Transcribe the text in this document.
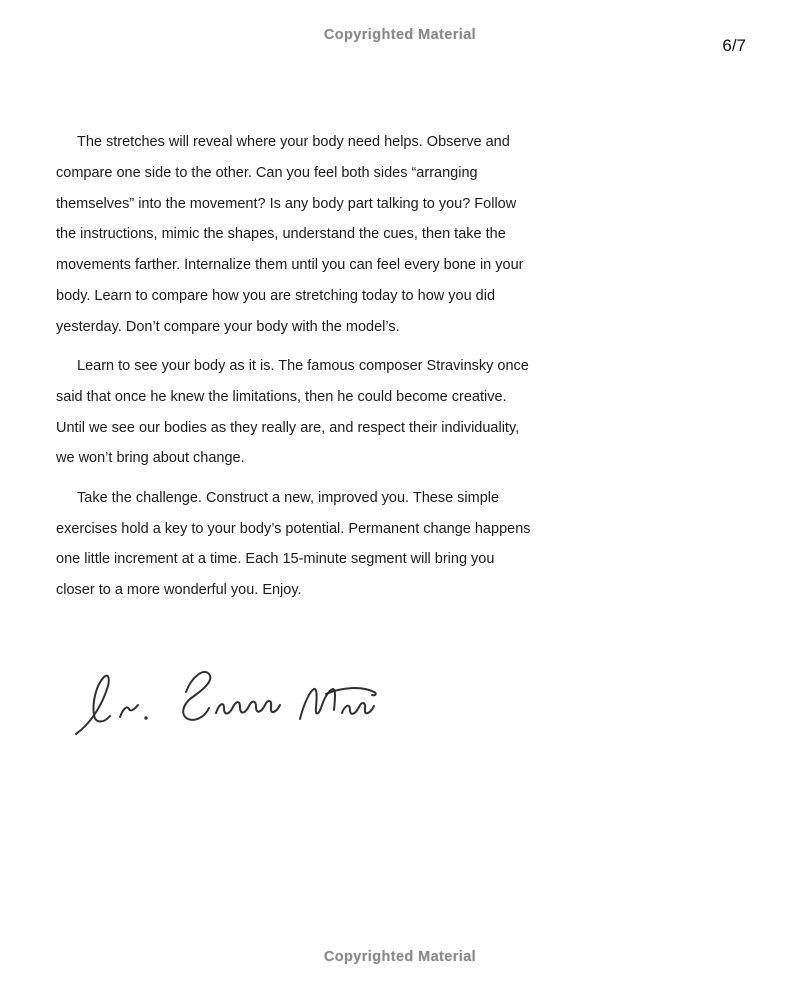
Copyrighted Material
6/7

The stretches will reveal where your body need helps. Observe and compare one side to the other. Can you feel both sides “arranging themselves” into the movement? Is any body part talking to you? Follow the instructions, mimic the shapes, understand the cues, then take the movements farther. Internalize them until you can feel every bone in your body. Learn to compare how you are stretching today to how you did yesterday. Don’t compare your body with the model’s.

Learn to see your body as it is. The famous composer Stravinsky once said that once he knew the limitations, then he could become creative. Until we see our bodies as they really are, and respect their individuality, we won’t bring about change.

Take the challenge. Construct a new, improved you. These simple exercises hold a key to your body’s potential. Permanent change happens one little increment at a time. Each 15-minute segment will bring you closer to a more wonderful you. Enjoy.

Copyrighted Material
